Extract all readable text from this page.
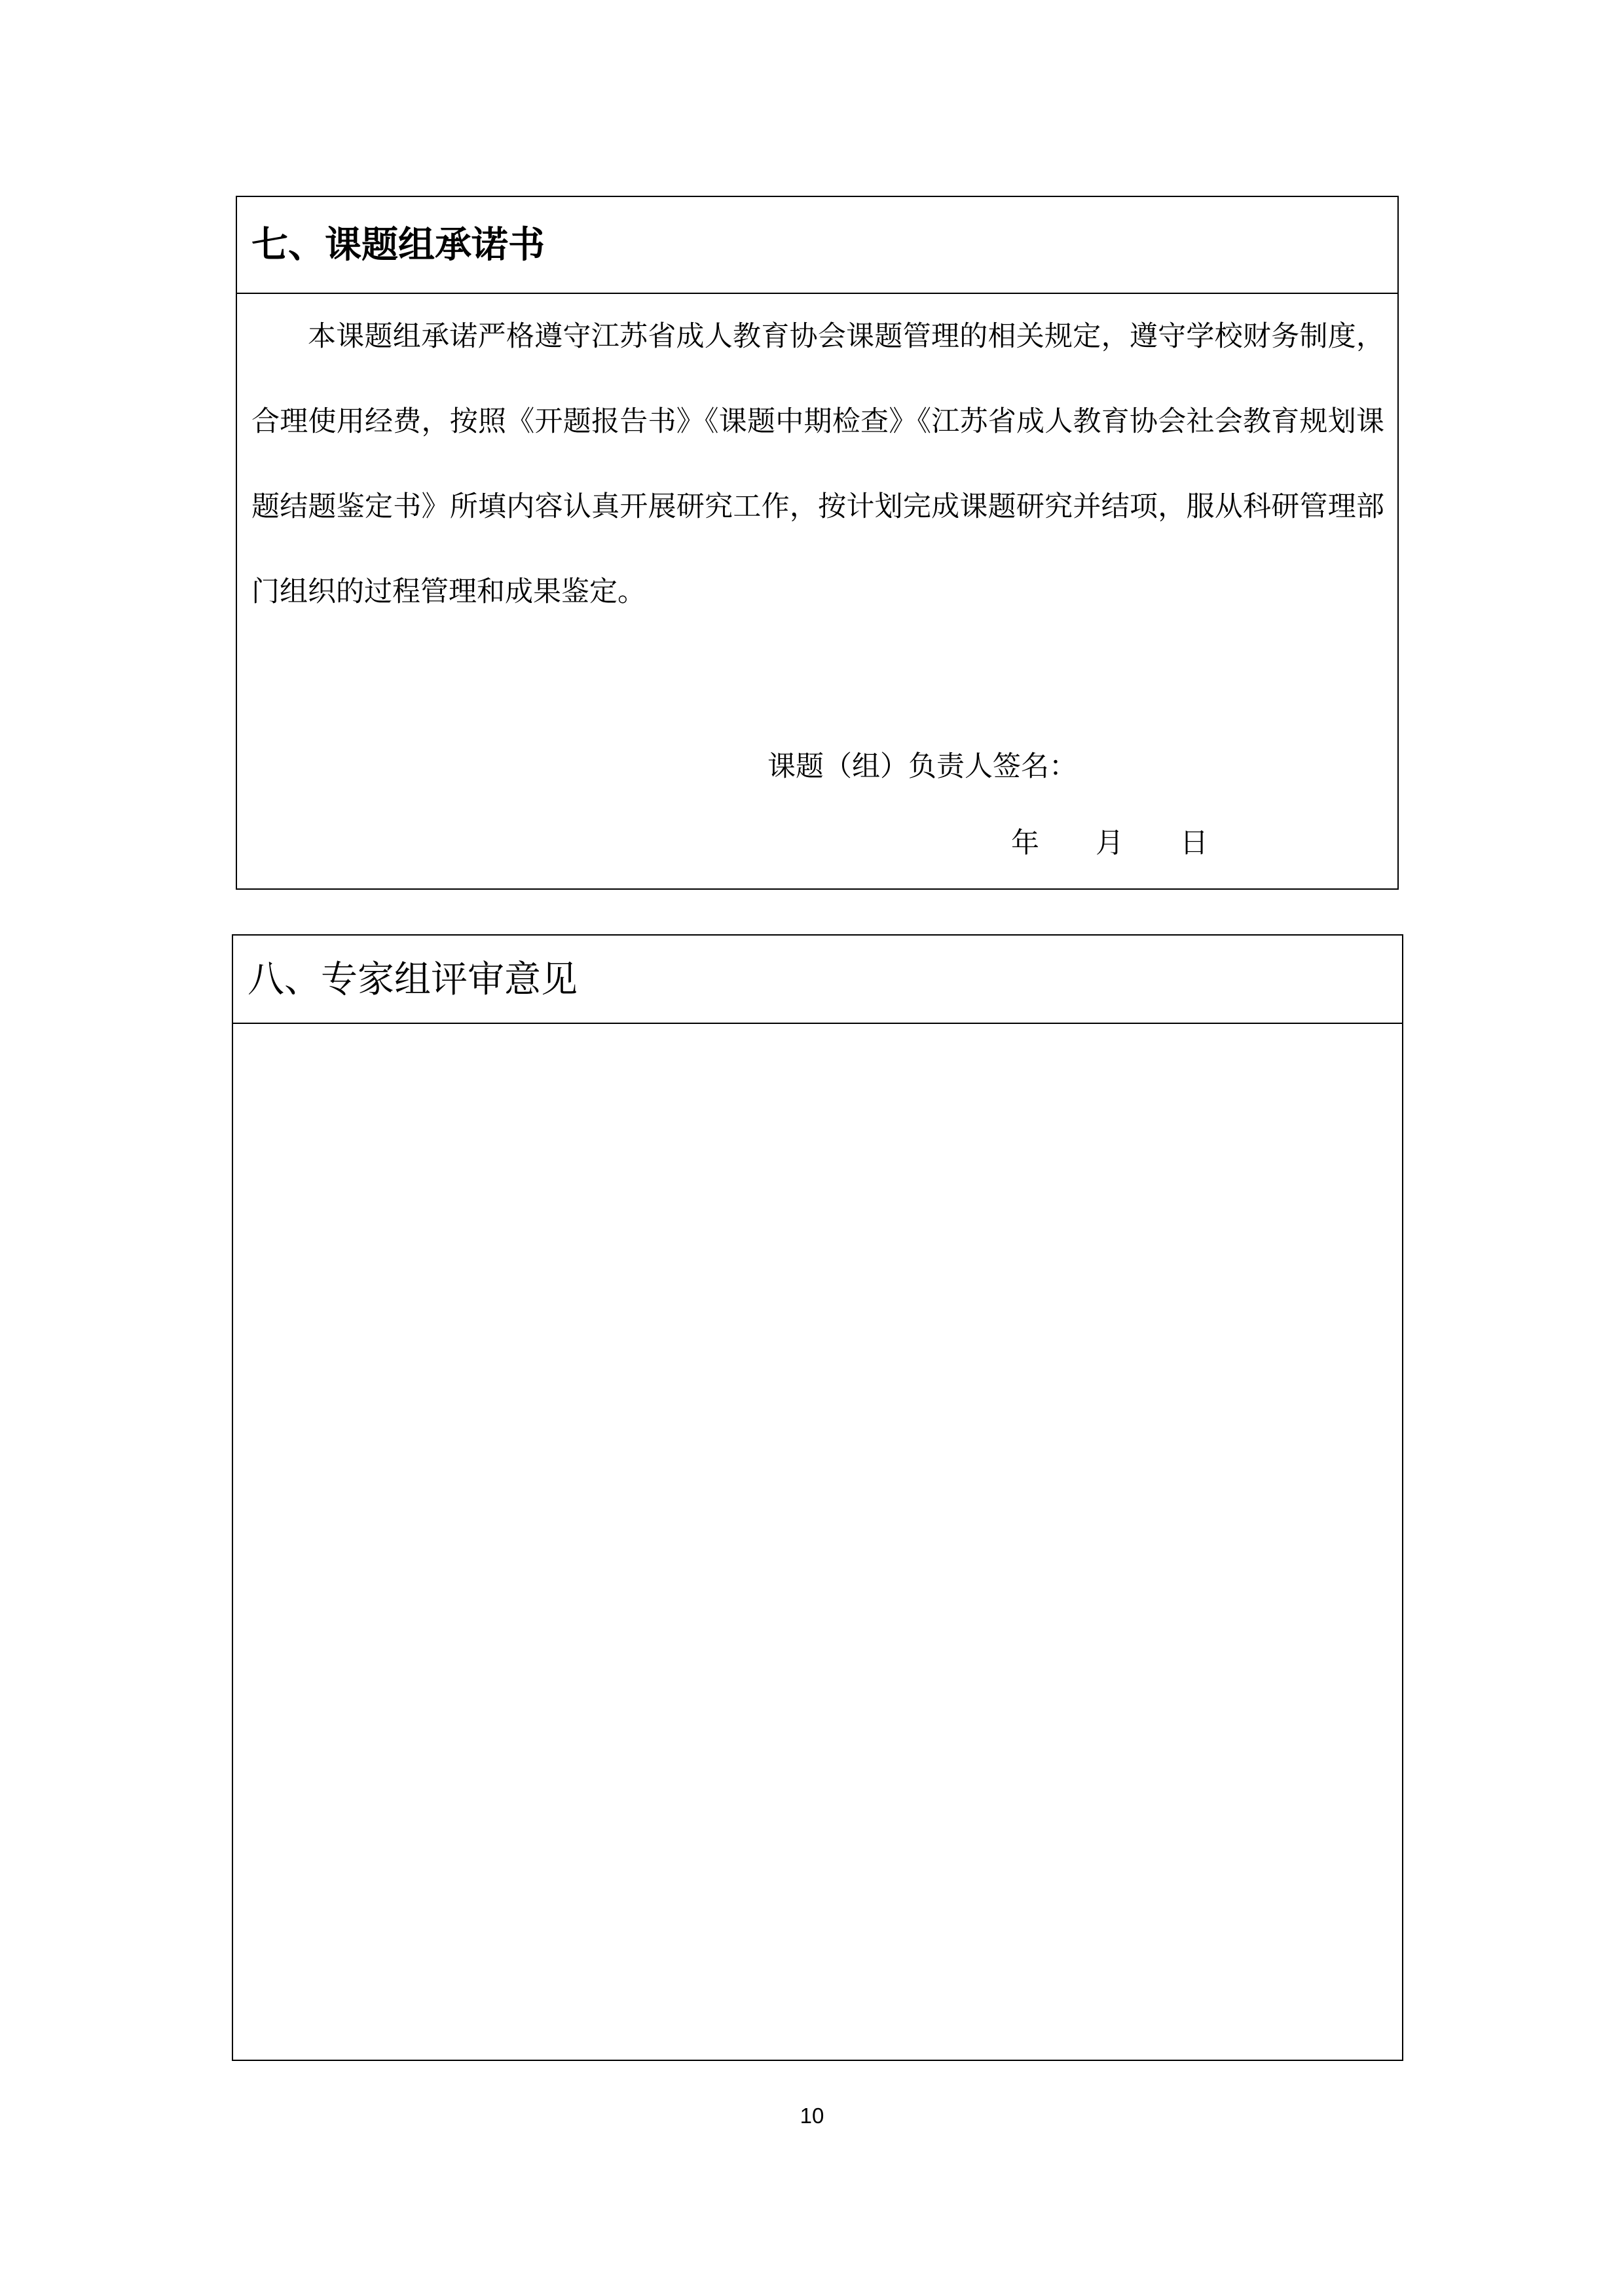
七、课题组承诺书

本课题组承诺严格遵守江苏省成人教育协会课题管理的相关规定，遵守学校财务制度，合理使用经费，按照《开题报告书》《课题中期检查》《江苏省成人教育协会社会教育规划课题结题鉴定书》所填内容认真开展研究工作，按计划完成课题研究并结项，服从科研管理部门组织的过程管理和成果鉴定。

课题（组）负责人签名：

年 月 日

八、专家组评审意见

10
